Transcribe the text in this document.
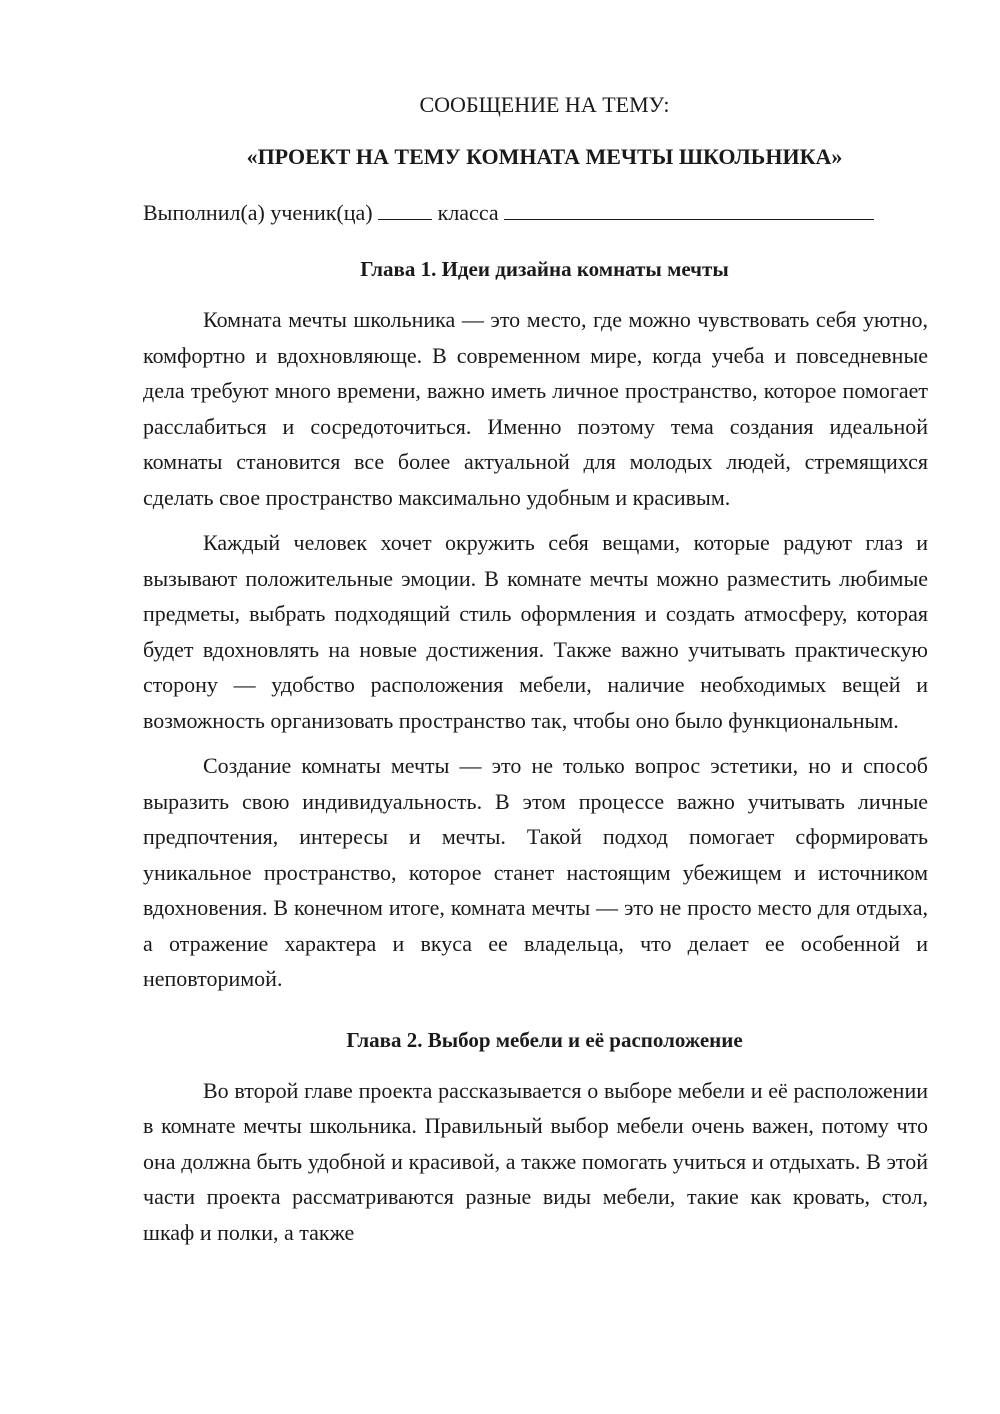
СООБЩЕНИЕ НА ТЕМУ:

«ПРОЕКТ НА ТЕМУ КОМНАТА МЕЧТЫ ШКОЛЬНИКА»

Выполнил(а) ученик(ца)	класса

Глава 1. Идеи дизайна комнаты мечты

Комната мечты школьника — это место, где можно чувствовать себя уютно, комфортно и вдохновляюще. В современном мире, когда учеба и повседневные дела требуют много времени, важно иметь личное пространство, которое помогает расслабиться и сосредоточиться. Именно поэтому тема создания идеальной комнаты становится все более актуальной для молодых людей, стремящихся сделать свое пространство максимально удобным и красивым.

Каждый человек хочет окружить себя вещами, которые радуют глаз и вызывают положительные эмоции. В комнате мечты можно разместить любимые предметы, выбрать подходящий стиль оформления и создать атмосферу, которая будет вдохновлять на новые достижения. Также важно учитывать практическую сторону — удобство расположения мебели, наличие необходимых вещей и возможность организовать пространство так, чтобы оно было функциональным.

Создание комнаты мечты — это не только вопрос эстетики, но и способ выразить свою индивидуальность. В этом процессе важно учитывать личные предпочтения, интересы и мечты. Такой подход помогает сформировать уникальное пространство, которое станет настоящим убежищем и источником вдохновения. В конечном итоге, комната мечты — это не просто место для отдыха, а отражение характера и вкуса ее владельца, что делает ее особенной и неповторимой.

Глава 2. Выбор мебели и её расположение

Во второй главе проекта рассказывается о выборе мебели и её расположении в комнате мечты школьника. Правильный выбор мебели очень важен, потому что она должна быть удобной и красивой, а также помогать учиться и отдыхать. В этой части проекта рассматриваются разные виды мебели, такие как кровать, стол, шкаф и полки, а также
